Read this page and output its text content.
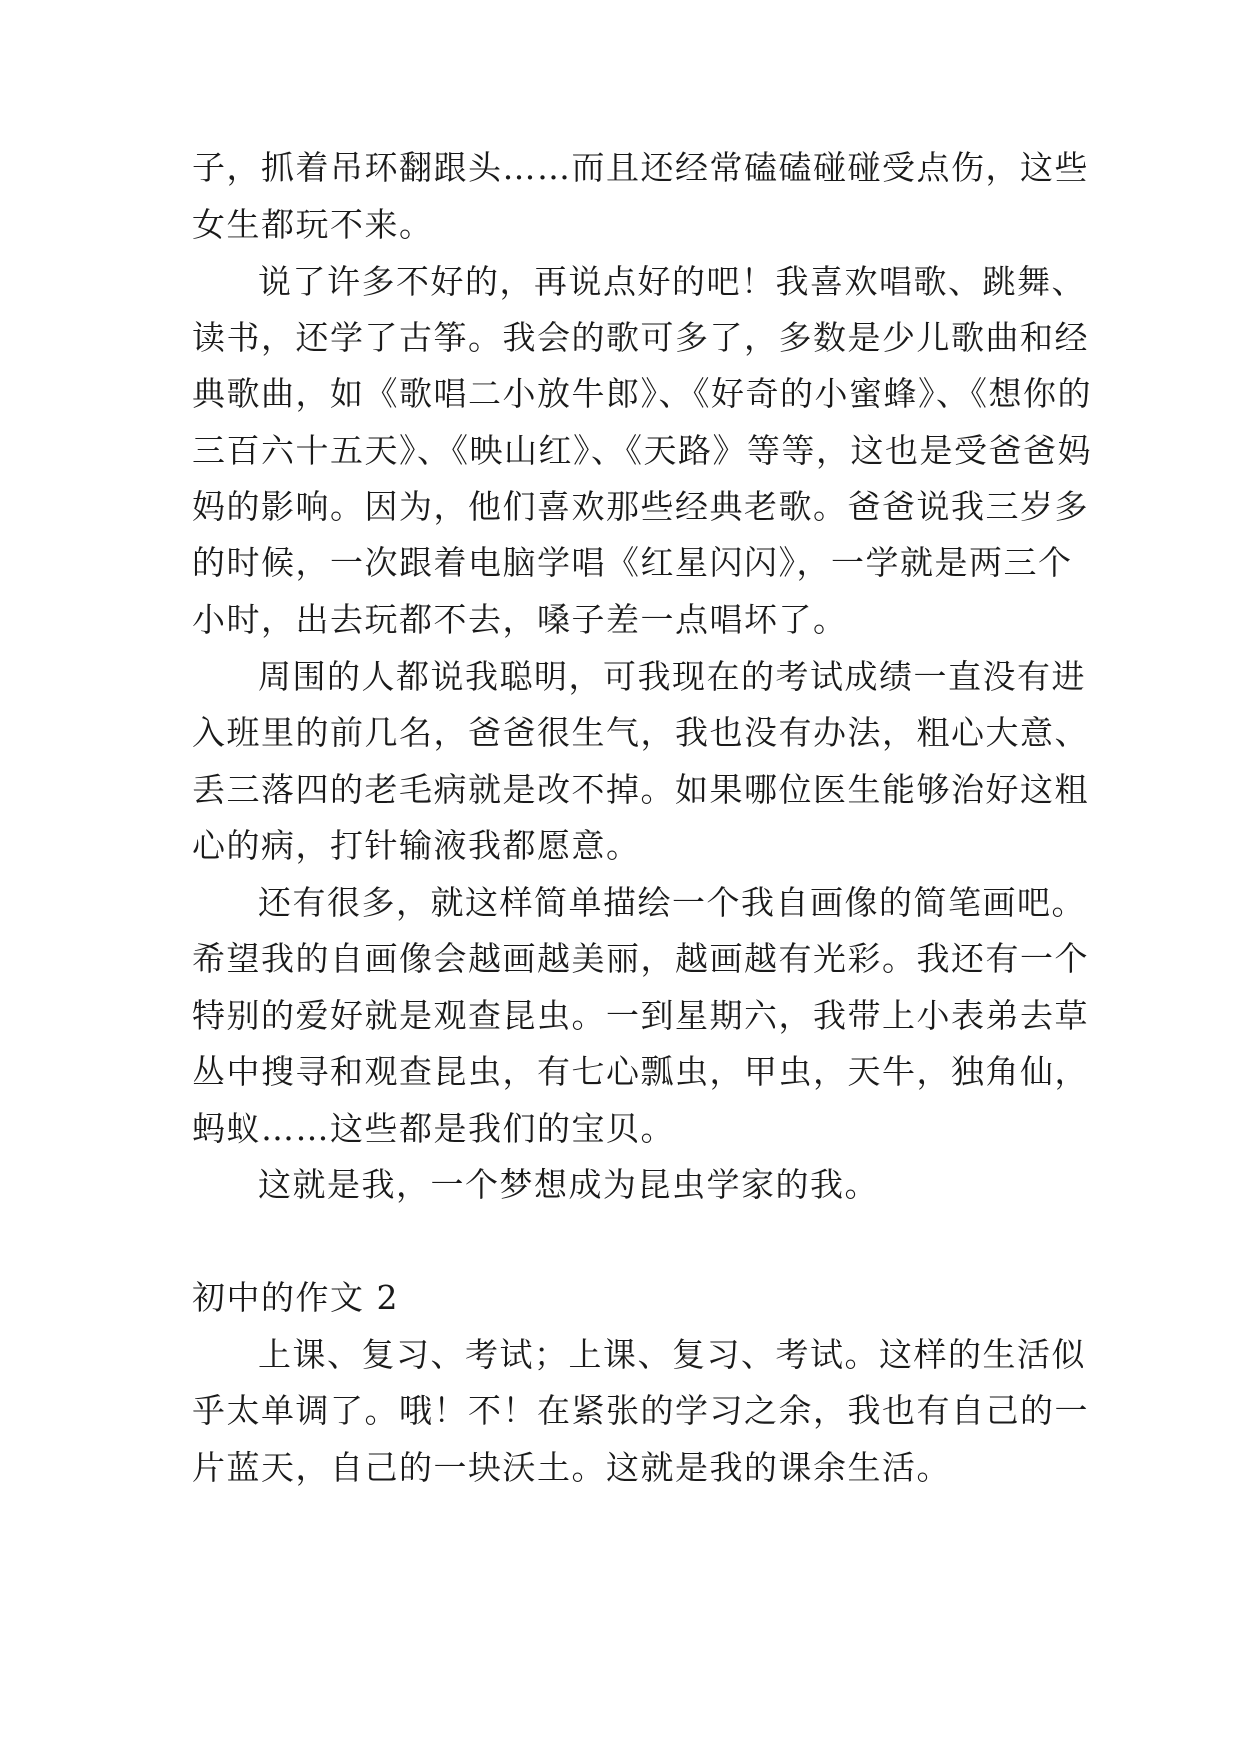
子，抓着吊环翻跟头……而且还经常磕磕碰碰受点伤，这些
女生都玩不来。
说了许多不好的，再说点好的吧！我喜欢唱歌、跳舞、
读书，还学了古筝。我会的歌可多了，多数是少儿歌曲和经
典歌曲，如《歌唱二小放牛郎》、《好奇的小蜜蜂》、《想你的
三百六十五天》、《映山红》、《天路》等等，这也是受爸爸妈
妈的影响。因为，他们喜欢那些经典老歌。爸爸说我三岁多
的时候，一次跟着电脑学唱《红星闪闪》，一学就是两三个
小时，出去玩都不去，嗓子差一点唱坏了。
周围的人都说我聪明，可我现在的考试成绩一直没有进
入班里的前几名，爸爸很生气，我也没有办法，粗心大意、
丢三落四的老毛病就是改不掉。如果哪位医生能够治好这粗
心的病，打针输液我都愿意。
还有很多，就这样简单描绘一个我自画像的简笔画吧。
希望我的自画像会越画越美丽，越画越有光彩。我还有一个
特别的爱好就是观查昆虫。一到星期六，我带上小表弟去草
丛中搜寻和观查昆虫，有七心瓢虫，甲虫，天牛，独角仙，
蚂蚁……这些都是我们的宝贝。
这就是我，一个梦想成为昆虫学家的我。
初中的作文 2
上课、复习、考试；上课、复习、考试。这样的生活似
乎太单调了。哦！不！在紧张的学习之余，我也有自己的一
片蓝天，自己的一块沃土。这就是我的课余生活。
